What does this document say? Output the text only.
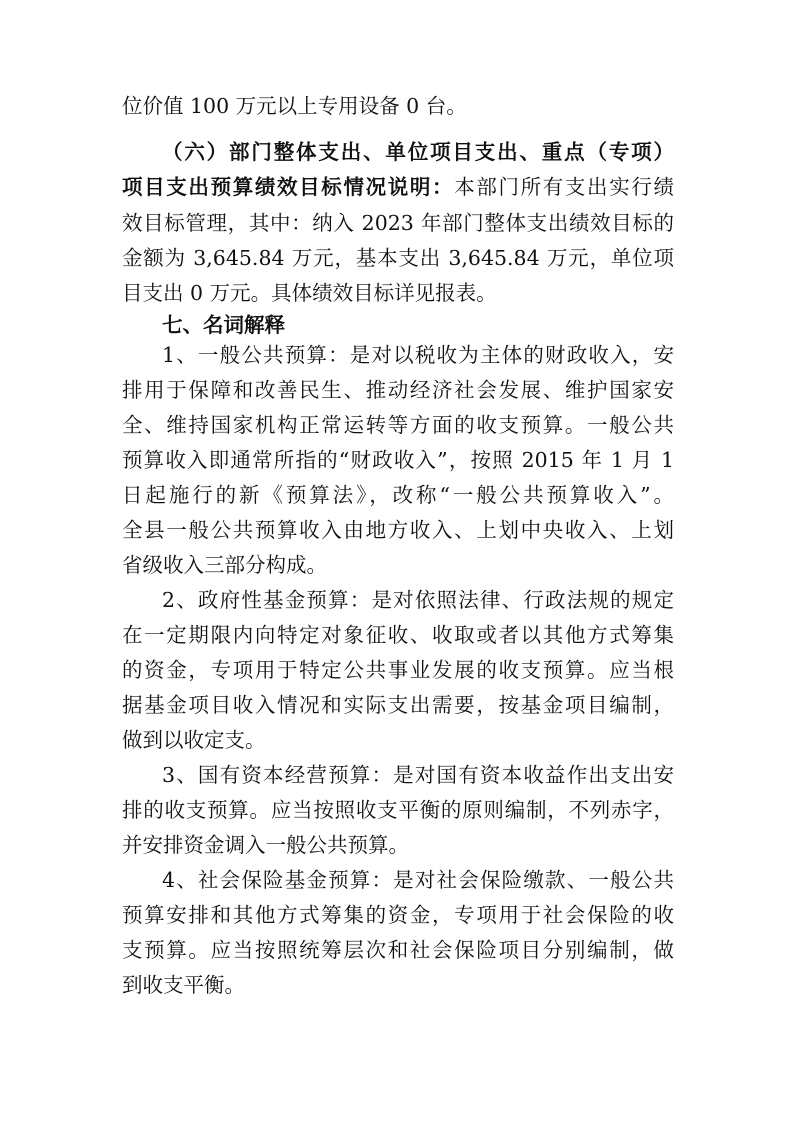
位价值 100 万元以上专用设备 0 台。
（六）部门整体支出、单位项目支出、重点（专项）
项目支出预算绩效目标情况说明：本部门所有支出实行绩
效目标管理，其中：纳入 2023 年部门整体支出绩效目标的
金额为 3,645.84 万元，基本支出 3,645.84 万元，单位项
目支出 0 万元。具体绩效目标详见报表。
七、名词解释
1、一般公共预算：是对以税收为主体的财政收入，安
排用于保障和改善民生、推动经济社会发展、维护国家安
全、维持国家机构正常运转等方面的收支预算。一般公共
预算收入即通常所指的“财政收入”，按照 2015 年 1 月 1
日起施行的新《预算法》，改称“一般公共预算收入”。
全县一般公共预算收入由地方收入、上划中央收入、上划
省级收入三部分构成。
2、政府性基金预算：是对依照法律、行政法规的规定
在一定期限内向特定对象征收、收取或者以其他方式筹集
的资金，专项用于特定公共事业发展的收支预算。应当根
据基金项目收入情况和实际支出需要，按基金项目编制，
做到以收定支。
3、国有资本经营预算：是对国有资本收益作出支出安
排的收支预算。应当按照收支平衡的原则编制，不列赤字，
并安排资金调入一般公共预算。
4、社会保险基金预算：是对社会保险缴款、一般公共
预算安排和其他方式筹集的资金，专项用于社会保险的收
支预算。应当按照统筹层次和社会保险项目分别编制，做
到收支平衡。
